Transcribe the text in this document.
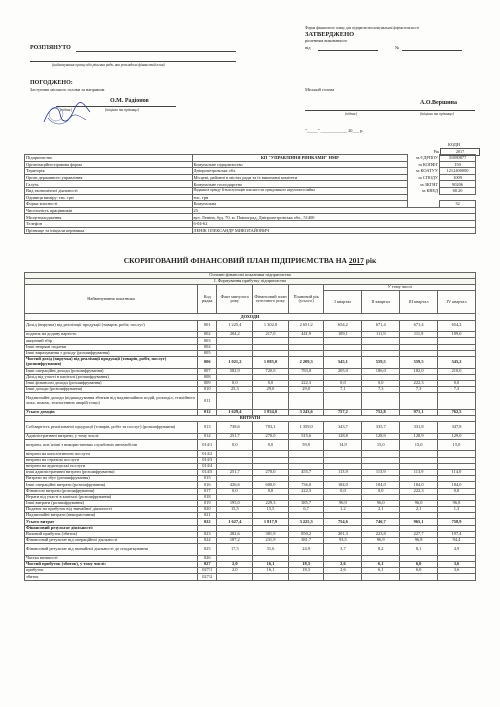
Форма фінансового плану для підприємства комунальної форми власності
ЗАТВЕРДЖЕНО
рішенням виконавчого
від	№
РОЗГЛЯНУТО
(найменування органу або рішення ради, яка розглядала фінансовий план)
ПОГОДЖЕНО:
Заступник міського голови за напрямом
О.М. Радіонов
(підпис)	(ініціали та прізвище)
Міський голова
А.О.Вершина
(підпис)	(ініціали та прізвище)
"_____" ____________ 20___ р.
КОДИ
Рік	2017
Підприємство	КП "УПРАВЛІННЯ РИНКАМИ" НМР	за ЄДРПОУ	31080877
Організаційно-правова форма	Комунальне підприємство	за КОПФГ	150
Територія	Дніпропетровська обл.	за КОАТУУ	1212400000
Орган державного управління	Місцеві, районні в містах ради та їх виконавчі комітети	за СПОДУ	1009
Галузь	Комунальне господарство	за ЗКГНГ	90206
Вид економічної діяльності	Надання в оренду й експлуатацію власного чи орендованого нерухомого майна	за КВЕД	68.20
Одиниця виміру: тис. грн	тис. грн		
Форма власності	Комунальна		32
Чисельність працівників	25		
Місцезнаходження	вул. Леніна, буд. 70, м. Павлоград, Дніпропетровська обл., 51400		
Телефон	6-04-62		
Прізвище та ініціали керівника	ЛЕНІК ОЛЕКСАНДР МИКОЛАЙОВИЧ		
СКОРИГОВАНИЙ ФІНАНСОВИЙ ПЛАН ПІДПРИЄМСТВА НА 2017 рік
Основні фінансові показники підприємства								
I. Формування прибутку підприємства								
Найменування показника	Код рядка	Факт минулого року	Фінансовий план поточного року	Плановий рік (усього)	У тому числі			
					I квартал	II квартал	III квартал	IV квартал
ДОХОДИ								
Дохід (виручка) від реалізації продукції (товарів, робіт, послуг)	001	1 225,4	1 302,0	2 651,2	654,2	671,4	671,4	654,2
податок на додану вартість	002	204,2	217,0	441,9	109,1	111,9	111,9	109,0
акцизний збір	003							
Інші непрямі податки	004							
Інші вирахування з доходу (розшифрування)	005							
Чистий дохід (виручка) від реалізації продукції (товарів, робіт, послуг) (розшифрування)	006	1 021,2	1 085,0	2 209,3	545,1	559,5	559,5	545,2
Інші операційні доходи (розшифрування)	007	582,9	720,0	783,0	205,0	186,0	182,0	210,0
Дохід від участі в капіталі (розшифрування)	008							
Інші фінансові доходи (розшифрування)	009	0,0	0,0	222,3	0,0	0,0	222,3	0,0
Інші доходи (розшифрування)	010	25,3	29,0	29,0	7,1	7,3	7,3	7,3
Надзвичайні доходи (відшкодування збитків від надзвичайних подій, розподіл, стихійного лиха, пожеж, техногенних аварій тощо)	011							
Усього доходів	012	1 629,4	1 834,0	3 243,6	757,2	752,8	971,1	762,5
ВИТРАТИ								
Собівартість реалізованої продукції (товарів, робіт та послуг) (розшифрування)	013	738,6	703,1	1 359,0	343,7	335,7	331,8	347,8
Адміністративні витрати, у тому числі:	014	251,7	270,0	515,6	128,8	128,9	128,9	129,0
витрати, пов`язані з використанням службових автомобілів	014/1	0,0	0,0	59,9	14,9	15,0	15,0	15,0
витрати на консалтингові послуги	014/2							
витрати на страхові послуги	014/3							
витрати на аудиторські послуги	014/4							
інші адміністративні витрати (розшифрування)	014/5	251,7	270,0	455,7	113,9	113,9	113,9	114,0
Витрати на збут (розшифрування)	015							
Інші операційні витрати (розшифрування)	016	426,6	600,0	736,0	184,0	184,0	184,0	184,0
Фінансові витрати (розшифрування)	017	0,0	0,0	222,3	0,0	0,0	222,3	0,0
Втрати від участі в капіталі (розшифрування)	018							
Інші витрати (розшифрування)	019	195,0	229,3	385,7	96,9	96,0	96,0	96,8
Податок на прибуток від звичайної діяльності	020	15,5	15,5	6,7	1,2	2,1	2,1	1,3
Надзвичайні витрати (використання)	021							
Усього витрат	022	1 627,4	1 817,9	3 225,3	754,6	746,7	965,1	758,9
Фінансовий результат діяльності:								
Валовий прибуток (збиток)	023	282,6	381,9	850,2	201,3	223,8	227,7	197,4
Фінансовий результат від операційної діяльності	024	187,2	231,9	381,7	93,5	96,9	96,8	94,4
Фінансовий результат від звичайної діяльності до оподаткування	025	17,5	31,6	24,9	3,7	8,2	8,1	4,9
Частка меншості	026							
Чистий прибуток (збиток), у тому числі:	027	2,0	16,1	18,3	2,6	6,1	6,0	3,6
прибуток	027/1	2,0	16,1	18,3	2,6	6,1	6,0	3,6
збиток	027/2							
